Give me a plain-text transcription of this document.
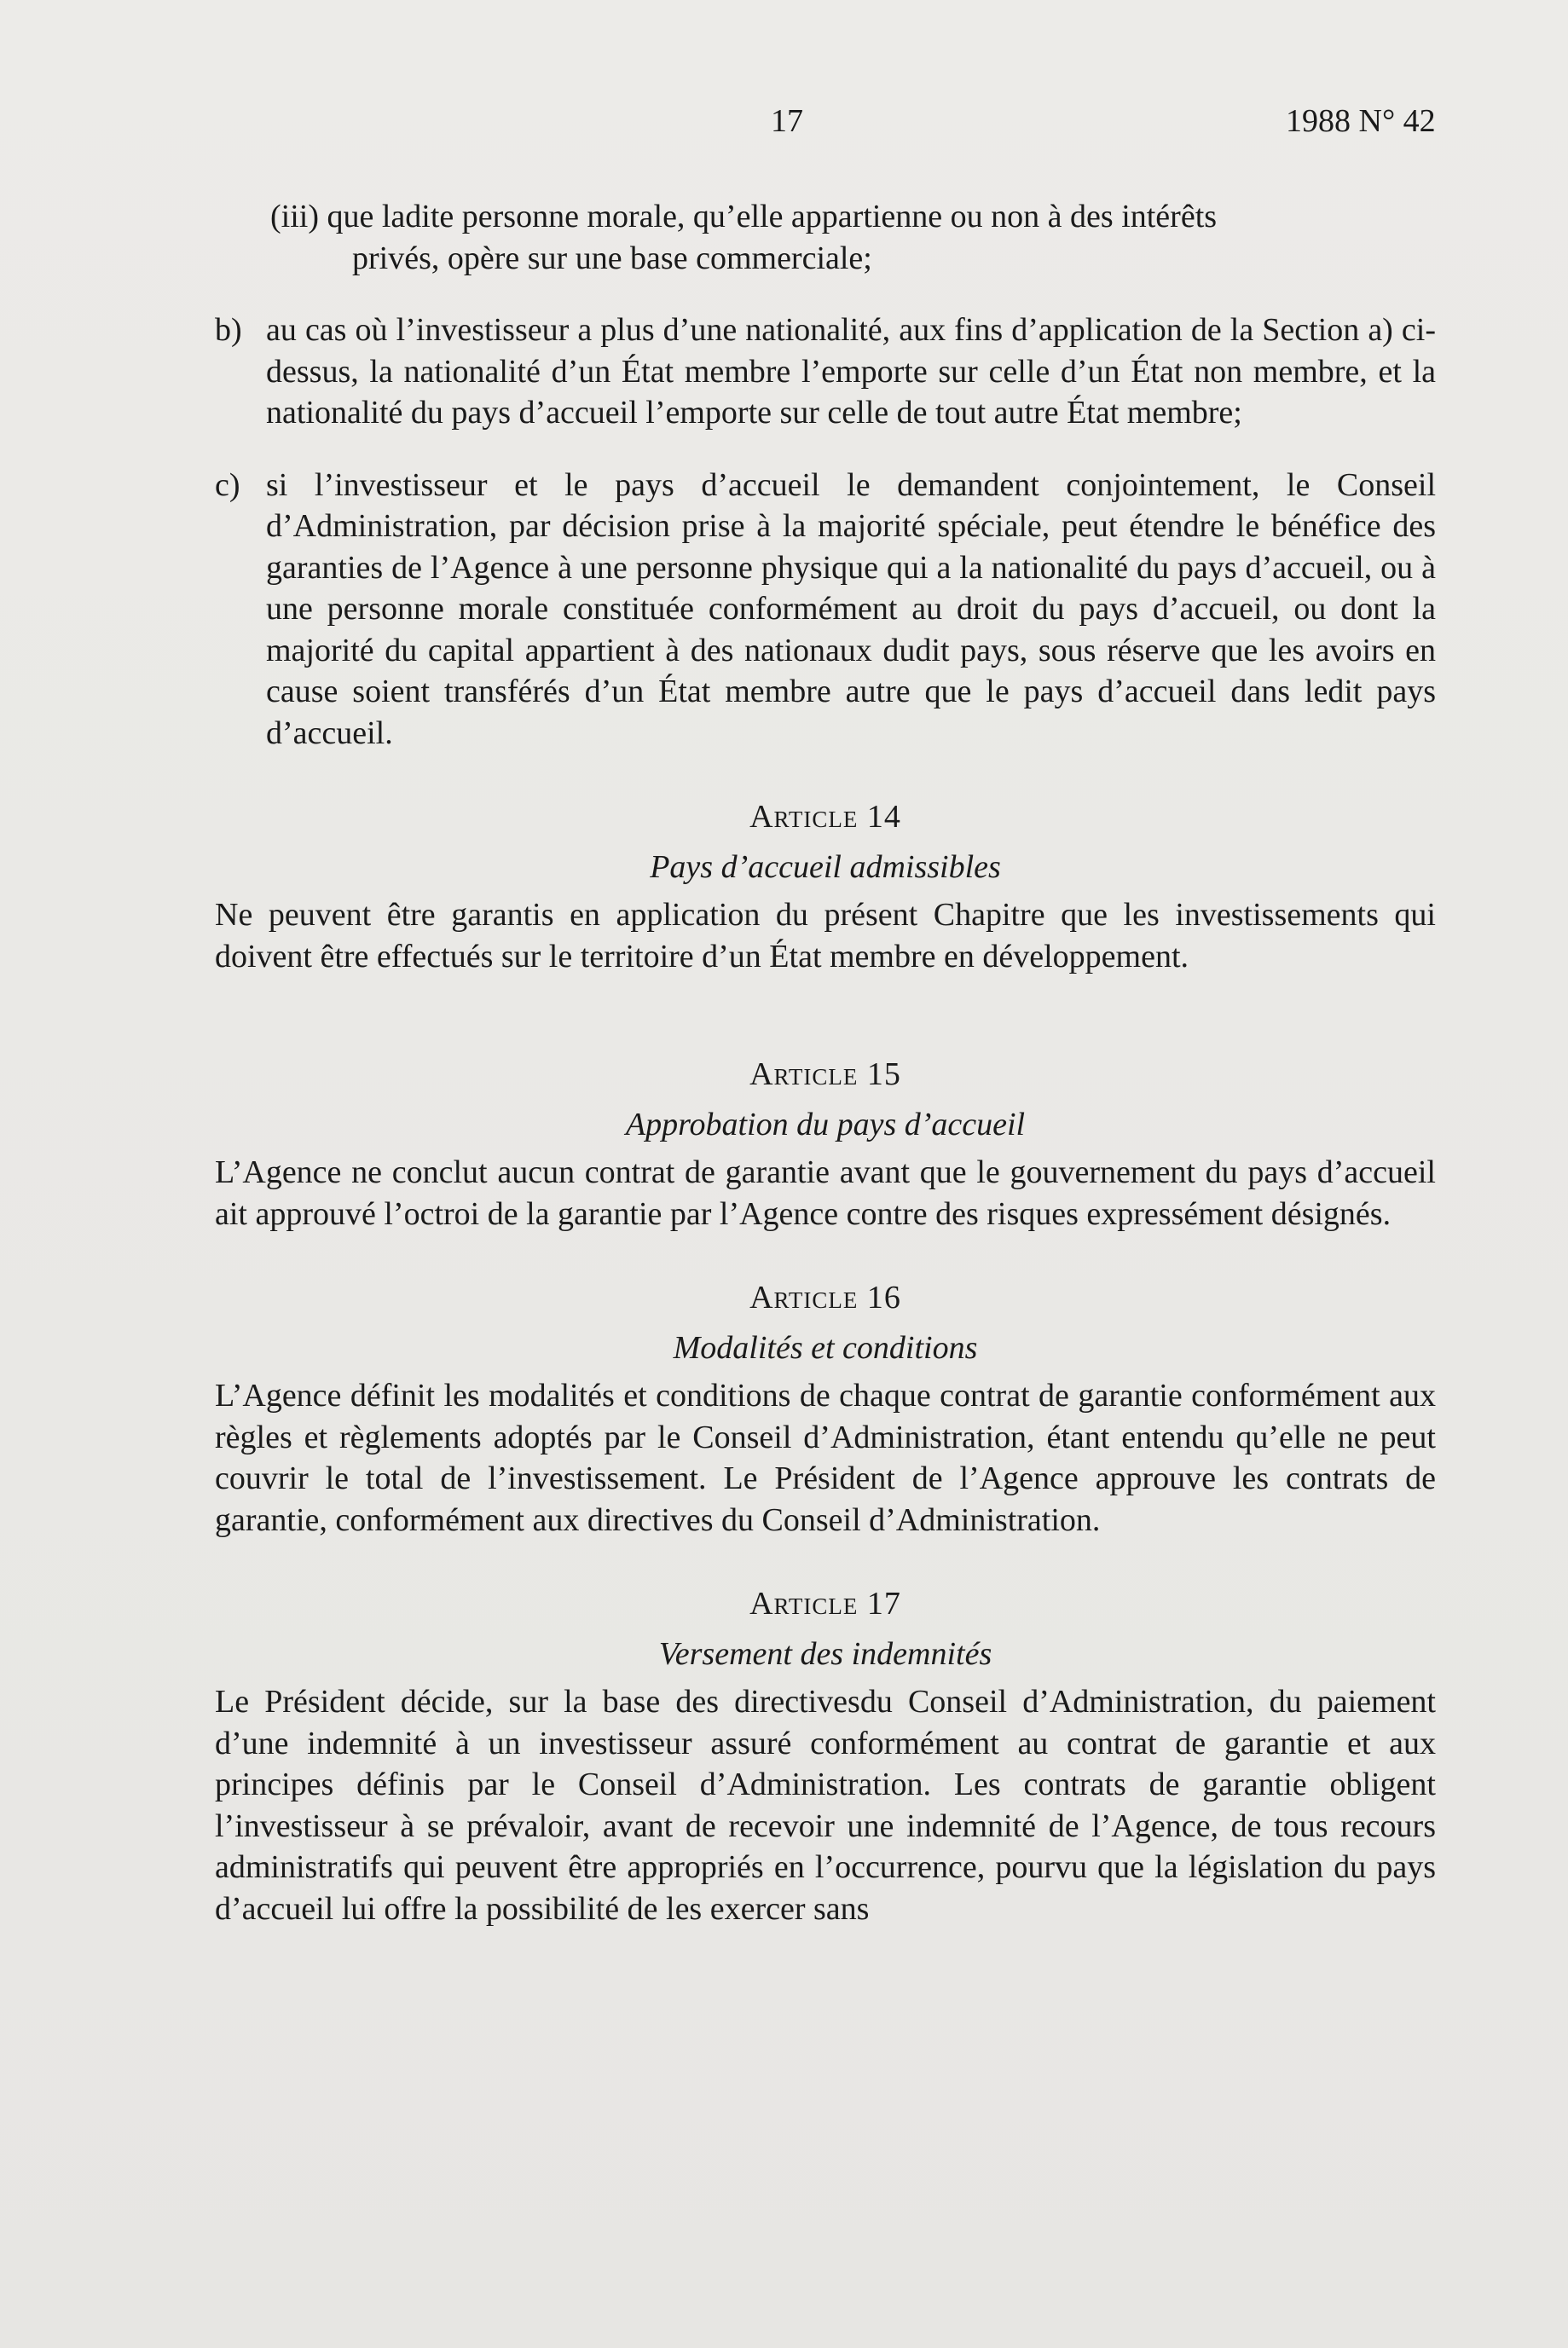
17	1988 N° 42
(iii) que ladite personne morale, qu’elle appartienne ou non à des intérêts
privés, opère sur une base commerciale;
b) au cas où l’investisseur a plus d’une nationalité, aux fins d’application de la Section a) ci-dessus, la nationalité d’un État membre l’emporte sur celle d’un État non membre, et la nationalité du pays d’accueil l’emporte sur celle de tout autre État membre;
c) si l’investisseur et le pays d’accueil le demandent conjointement, le Conseil d’Administration, par décision prise à la majorité spéciale, peut étendre le bénéfice des garanties de l’Agence à une personne physique qui a la nationalité du pays d’accueil, ou à une personne morale constituée conformément au droit du pays d’accueil, ou dont la majorité du capital appartient à des nationaux dudit pays, sous réserve que les avoirs en cause soient transférés d’un État membre autre que le pays d’accueil dans ledit pays d’accueil.
Article 14
Pays d’accueil admissibles

Ne peuvent être garantis en application du présent Chapitre que les investissements qui doivent être effectués sur le territoire d’un État membre en développement.

Article 15
Approbation du pays d’accueil

L’Agence ne conclut aucun contrat de garantie avant que le gouvernement du pays d’accueil ait approuvé l’octroi de la garantie par l’Agence contre des risques expressément désignés.

Article 16
Modalités et conditions

L’Agence définit les modalités et conditions de chaque contrat de garantie conformément aux règles et règlements adoptés par le Conseil d’Administration, étant entendu qu’elle ne peut couvrir le total de l’investissement. Le Président de l’Agence approuve les contrats de garantie, conformément aux directives du Conseil d’Administration.

Article 17
Versement des indemnités

Le Président décide, sur la base des directivesdu Conseil d’Administration, du paiement d’une indemnité à un investisseur assuré conformément au contrat de garantie et aux principes définis par le Conseil d’Administration. Les contrats de garantie obligent l’investisseur à se prévaloir, avant de recevoir une indemnité de l’Agence, de tous recours administratifs qui peuvent être appropriés en l’occurrence, pourvu que la législation du pays d’accueil lui offre la possibilité de les exercer sans
